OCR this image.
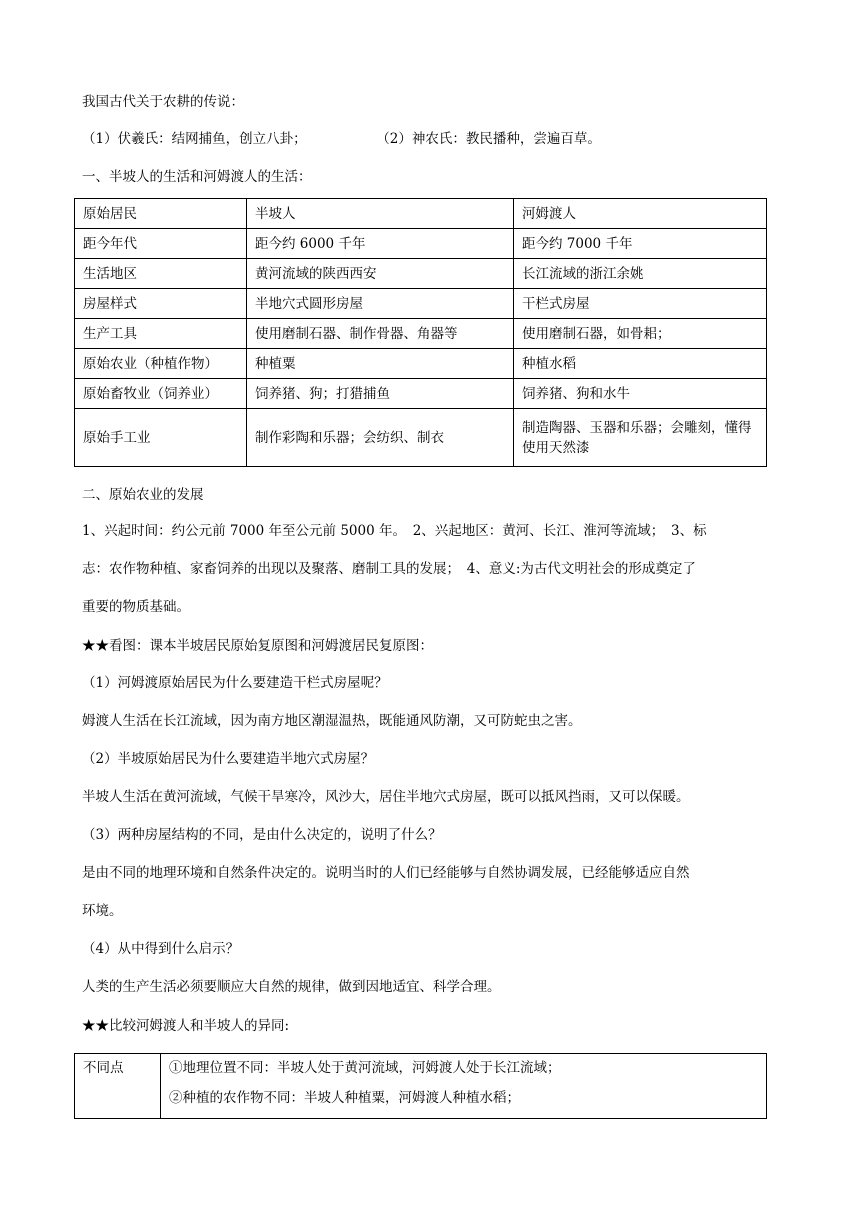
我国古代关于农耕的传说：
（1）伏羲氏：结网捕鱼，创立八卦；	（2）神农氏：教民播种，尝遍百草。
一、半坡人的生活和河姆渡人的生活：
原始居民	半坡人	河姆渡人
距今年代	距今约 6000 千年	距今约 7000 千年
生活地区	黄河流域的陕西西安	长江流域的浙江余姚
房屋样式	半地穴式圆形房屋	干栏式房屋
生产工具	使用磨制石器、制作骨器、角器等	使用磨制石器，如骨耜；
原始农业（种植作物）	种植粟	种植水稻
原始畜牧业（饲养业）	饲养猪、狗；打猎捕鱼	饲养猪、狗和水牛
原始手工业	制作彩陶和乐器；会纺织、制衣	制造陶器、玉器和乐器；会雕刻，懂得使用天然漆
二、原始农业的发展
1、兴起时间：约公元前 7000 年至公元前 5000 年。　2、兴起地区：黄河、长江、淮河等流域；　3、标
志：农作物种植、家畜饲养的出现以及聚落、磨制工具的发展；　4、意义:为古代文明社会的形成奠定了
重要的物质基础。
★★看图：课本半坡居民原始复原图和河姆渡居民复原图：
（1）河姆渡原始居民为什么要建造干栏式房屋呢？
姆渡人生活在长江流域，因为南方地区潮湿温热，既能通风防潮，又可防蛇虫之害。
（2）半坡原始居民为什么要建造半地穴式房屋？
半坡人生活在黄河流域，气候干旱寒冷，风沙大，居住半地穴式房屋，既可以抵风挡雨，又可以保暖。
（3）两种房屋结构的不同，是由什么决定的，说明了什么？
是由不同的地理环境和自然条件决定的。说明当时的人们已经能够与自然协调发展，已经能够适应自然
环境。
（4）从中得到什么启示？
人类的生产生活必须要顺应大自然的规律，做到因地适宜、科学合理。
★★比较河姆渡人和半坡人的异同:
不同点	①地理位置不同：半坡人处于黄河流域，河姆渡人处于长江流域；
②种植的农作物不同：半坡人种植粟，河姆渡人种植水稻；
